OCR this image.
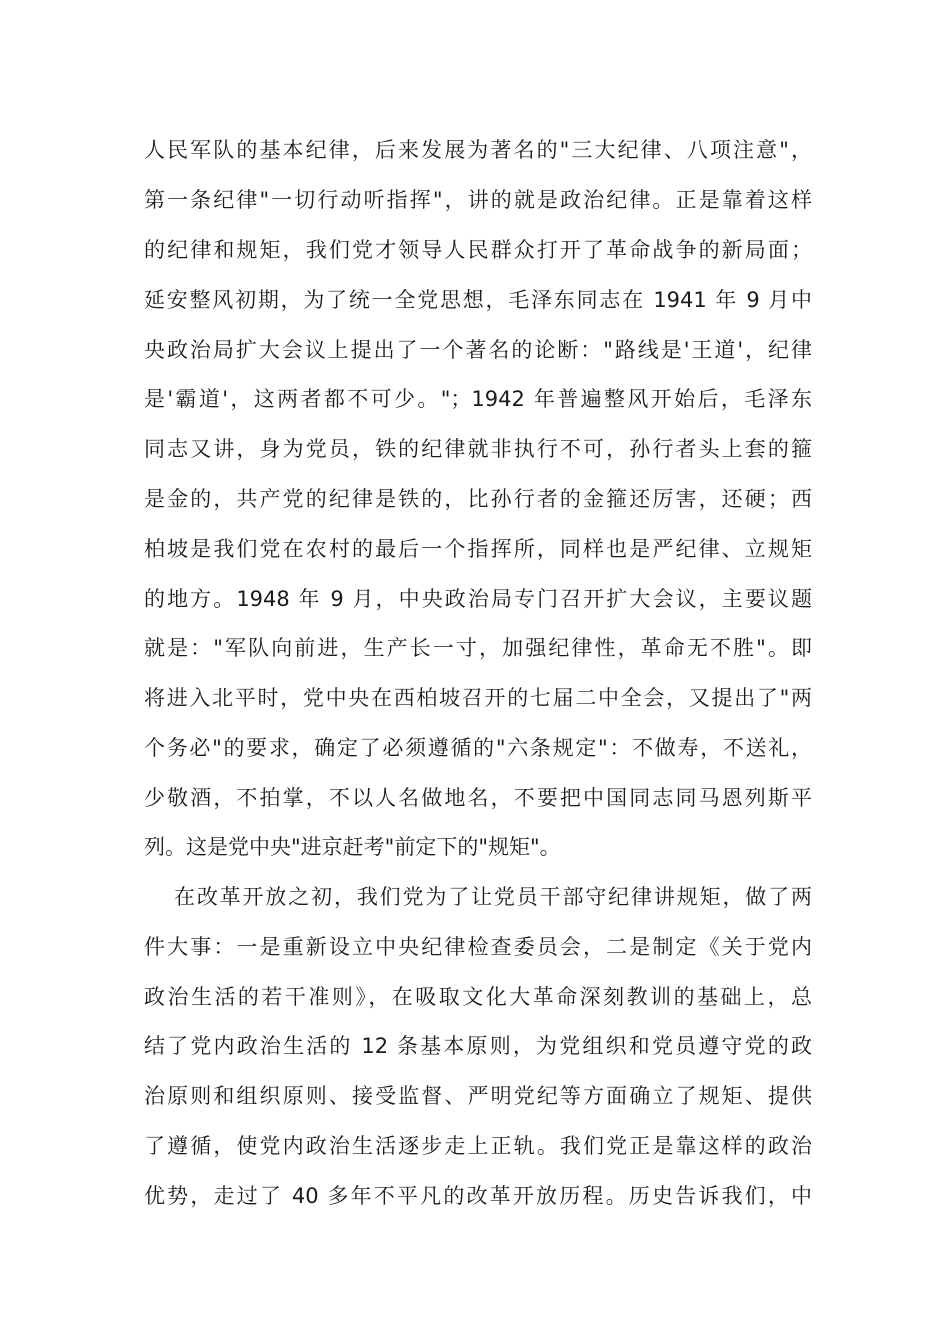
人民军队的基本纪律，后来发展为著名的"三大纪律、八项注意"，
第一条纪律"一切行动听指挥"，讲的就是政治纪律。正是靠着这样
的纪律和规矩，我们党才领导人民群众打开了革命战争的新局面；
延安整风初期，为了统一全党思想，毛泽东同志在 1941 年 9 月中
央政治局扩大会议上提出了一个著名的论断："路线是'王道'，纪律
是'霸道'，这两者都不可少。"；1942 年普遍整风开始后，毛泽东
同志又讲，身为党员，铁的纪律就非执行不可，孙行者头上套的箍
是金的，共产党的纪律是铁的，比孙行者的金箍还厉害，还硬；西
柏坡是我们党在农村的最后一个指挥所，同样也是严纪律、立规矩
的地方。1948 年 9 月，中央政治局专门召开扩大会议，主要议题
就是："军队向前进，生产长一寸，加强纪律性，革命无不胜"。即
将进入北平时，党中央在西柏坡召开的七届二中全会，又提出了"两
个务必"的要求，确定了必须遵循的"六条规定"：不做寿，不送礼，
少敬酒，不拍掌，不以人名做地名，不要把中国同志同马恩列斯平
列。这是党中央"进京赶考"前定下的"规矩"。
在改革开放之初，我们党为了让党员干部守纪律讲规矩，做了两
件大事：一是重新设立中央纪律检查委员会，二是制定《关于党内
政治生活的若干准则》，在吸取文化大革命深刻教训的基础上，总
结了党内政治生活的 12 条基本原则，为党组织和党员遵守党的政
治原则和组织原则、接受监督、严明党纪等方面确立了规矩、提供
了遵循，使党内政治生活逐步走上正轨。我们党正是靠这样的政治
优势，走过了 40 多年不平凡的改革开放历程。历史告诉我们，中
